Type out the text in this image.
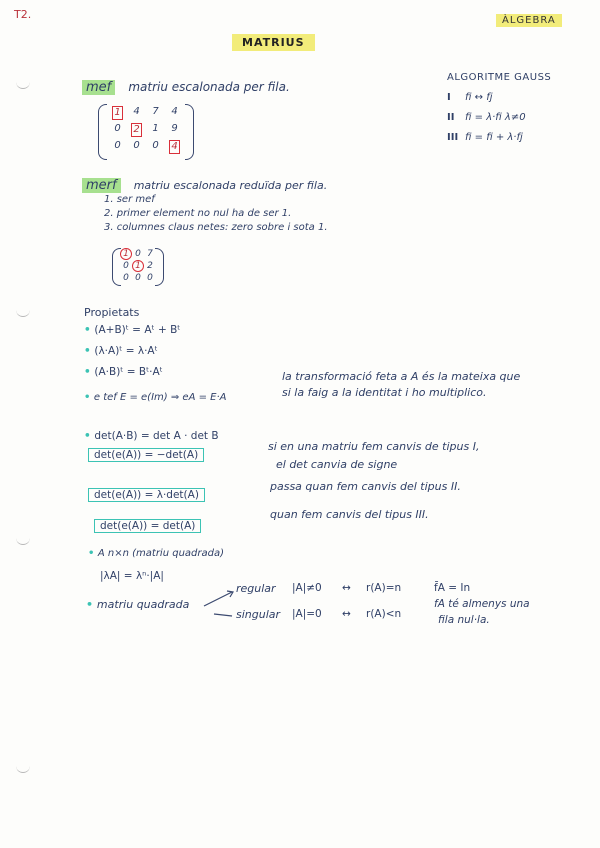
T2.	ÀLGEBRA
MATRIUS
mef matriu escalonada per fila.
1	4	7	4
0	2	1	9
0	0	0	4
ALGORITME GAUSS
I fi ↔ fj
II fi = λ·fi λ≠0
III fi = fi + λ·fj
merf matriu escalonada reduïda per fila.
1. ser mef
2. primer element no nul ha de ser 1.
3. columnes claus netes: zero sobre i sota 1.
1 0 7
0 1 2
0 0 0
Propietats
• (A+B)ᵗ = Aᵗ + Bᵗ
• (λ·A)ᵗ = λ·Aᵗ
• (A·B)ᵗ = Bᵗ·Aᵗ
• e tef E = e(Im) ⇒ eA = E·A
la transformació feta a A és la mateixa que
si la faig a la identitat i ho multiplico.
• det(A·B) = det A · det B
det(e(A)) = −det(A)
si en una matriu fem canvis de tipus I,
el det canvia de signe
det(e(A)) = λ·det(A)
passa quan fem canvis del tipus II.
det(e(A)) = det(A)
quan fem canvis del tipus III.
• A n×n (matriu quadrada)
|λA| = λⁿ·|A|
• matriu quadrada
regular |A|≠0 ↔ r(A)=n	f̄A = In
singular |A|=0 ↔ r(A)<n
fA té almenys una
fila nul·la.
